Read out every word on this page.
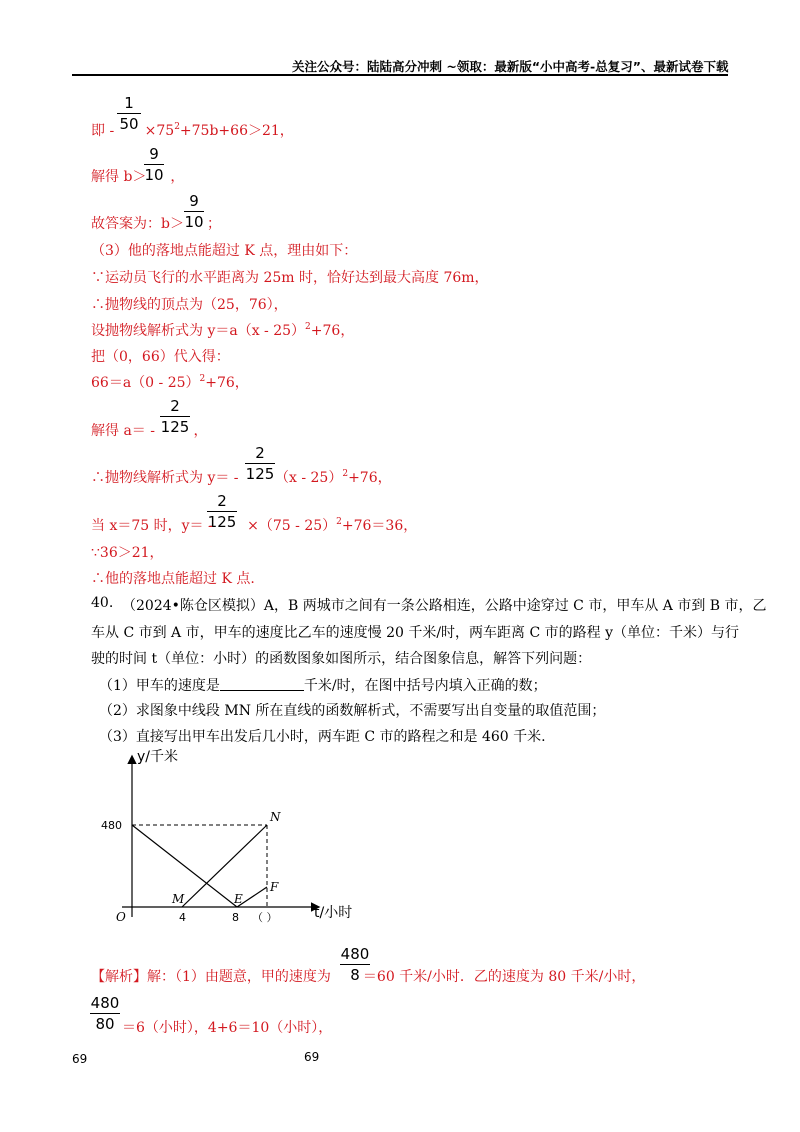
关注公众号：陆陆高分冲刺 ~领取：最新版“小中高考-总复习”、最新试卷下载
1
50
即 - $\times 75^2+75b+66>21$，
9
10
解得 b＞ ，
9
10
故答案为：b＞ ；
（3）他的落地点能超过 K 点，理由如下：
∵运动员飞行的水平距离为 25m 时，恰好达到最大高度 76m，
∴抛物线的顶点为（25，76），
设抛物线解析式为 y＝a（x - 25）$^2$+76，
把（0，66）代入得：
66＝a（0 - 25）$^2$+76，
2
125
解得 a＝ - ，
2
125
∴抛物线解析式为 y＝ - （x - 25）$^2$+76，
2
125
当 x＝75 时，y＝ - ×（75 - 25）$^2$+76＝36，
∵36＞21，
∴他的落地点能超过 K 点.
40. （2024•陈仓区模拟）A，B 两城市之间有一条公路相连，公路中途穿过 C 市，甲车从 A 市到 B 市，乙
车从 C 市到 A 市，甲车的速度比乙车的速度慢 20 千米/时，两车距离 C 市的路程 y（单位：千米）与行
驶的时间 t（单位：小时）的函数图象如图所示，结合图象信息，解答下列问题：
（1）甲车的速度是	千米/时，在图中括号内填入正确的数；
（2）求图象中线段 MN 所在直线的函数解析式，不需要写出自变量的取值范围；
（3）直接写出甲车出发后几小时，两车距 C 市的路程之和是 460 千米.
y/千米
t/小时
O
480
4	8 （ ）
M
N
E
F
480
8
【解析】解：（1）由题意，甲的速度为 ＝60 千米/小时．乙的速度为 80 千米/小时，
480
80 ＝6（小时），4+6＝10（小时），
69	69
